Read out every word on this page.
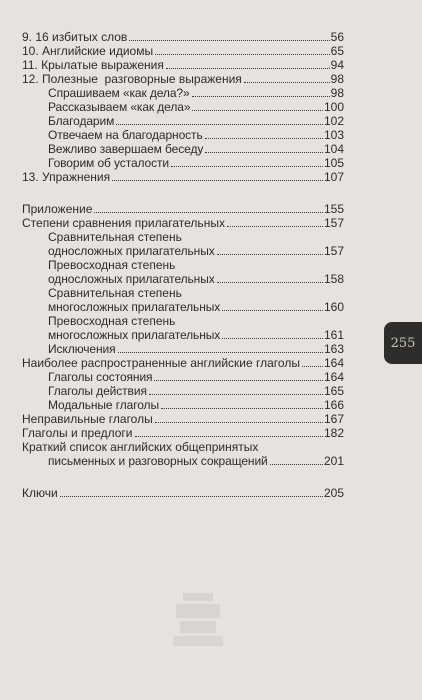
9. 16 избитых слов	56
10. Английские идиомы	65
11. Крылатые выражения	94
12. Полезные  разговорные выражения	98
Спрашиваем «как дела?»	98
Рассказываем «как дела»	100
Благодарим	102
Отвечаем на благодарность	103
Вежливо завершаем беседу	104
Говорим об усталости	105
13. Упражнения	107
Приложение	155
Степени сравнения прилагательных	157
Сравнительная степень
односложных прилагательных	157
Превосходная степень
односложных прилагательных	158
Сравнительная степень
многосложных прилагательных	160
Превосходная степень
многосложных прилагательных	161
Исключения	163
Наиболее распространенные английские глаголы 164
Глаголы состояния	164
Глаголы действия	165
Модальные глаголы	166
Неправильные глаголы	167
Глаголы и предлоги	182
Краткий список английских общепринятых
письменных и разговорных сокращений	201
Ключи	205
255
